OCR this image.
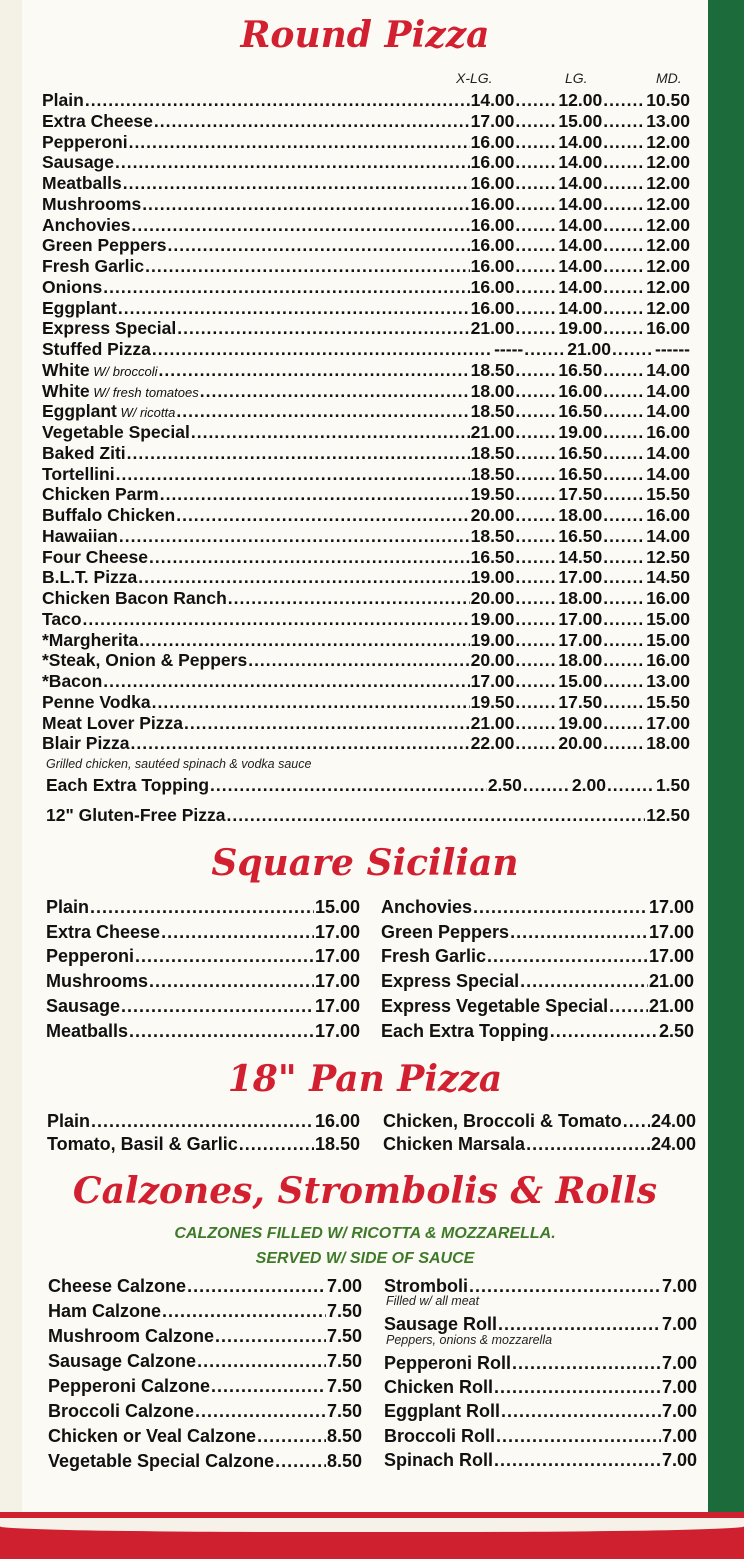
Round Pizza
X-LG.	LG.	MD.
Plain .....	14.00 .....	12.00 .....	10.50
Extra Cheese .....	17.00 .....	15.00 .....	13.00
Pepperoni .....	16.00 .....	14.00 .....	12.00
Sausage .....	16.00 .....	14.00 .....	12.00
Meatballs .....	16.00 .....	14.00 .....	12.00
Mushrooms .....	16.00 .....	14.00 .....	12.00
Anchovies .....	16.00 .....	14.00 .....	12.00
Green Peppers .....	16.00 .....	14.00 .....	12.00
Fresh Garlic .....	16.00 .....	14.00 .....	12.00
Onions .....	16.00 .....	14.00 .....	12.00
Eggplant .....	16.00 .....	14.00 .....	12.00
Express Special .....	21.00 .....	19.00 .....	16.00
Stuffed Pizza .....	----- .....	21.00 .....	------
White W/ broccoli .....	18.50 .....	16.50 .....	14.00
White W/ fresh tomatoes .....	18.00 .....	16.00 .....	14.00
Eggplant W/ ricotta .....	18.50 .....	16.50 .....	14.00
Vegetable Special .....	21.00 .....	19.00 .....	16.00
Baked Ziti .....	18.50 .....	16.50 .....	14.00
Tortellini .....	18.50 .....	16.50 .....	14.00
Chicken Parm .....	19.50 .....	17.50 .....	15.50
Buffalo Chicken .....	20.00 .....	18.00 .....	16.00
Hawaiian .....	18.50 .....	16.50 .....	14.00
Four Cheese .....	16.50 .....	14.50 .....	12.50
B.L.T. Pizza .....	19.00 .....	17.00 .....	14.50
Chicken Bacon Ranch .....	20.00 .....	18.00 .....	16.00
Taco .....	19.00 .....	17.00 .....	15.00
*Margherita .....	19.00 .....	17.00 .....	15.00
*Steak, Onion & Peppers .....	20.00 .....	18.00 .....	16.00
*Bacon .....	17.00 .....	15.00 .....	13.00
Penne Vodka .....	19.50 .....	17.50 .....	15.50
Meat Lover Pizza .....	21.00 .....	19.00 .....	17.00
Blair Pizza .....	22.00 .....	20.00 .....	18.00
Grilled chicken, sautéed spinach & vodka sauce
Each Extra Topping .....	2.50 .....	2.00 .....	1.50
12" Gluten-Free Pizza .....	12.50
Square Sicilian
Plain .....	15.00
Extra Cheese .....	17.00
Pepperoni .....	17.00
Mushrooms .....	17.00
Sausage .....	17.00
Meatballs .....	17.00
Anchovies .....	17.00
Green Peppers .....	17.00
Fresh Garlic .....	17.00
Express Special .....	21.00
Express Vegetable Special ..... 21.00
Each Extra Topping .....	2.50
18" Pan Pizza
Plain .....	16.00
Tomato, Basil & Garlic .....	18.50
Chicken, Broccoli & Tomato ..... 24.00
Chicken Marsala .....	24.00
Calzones, Strombolis & Rolls
CALZONES FILLED W/ RICOTTA & MOZZARELLA.
SERVED W/ SIDE OF SAUCE
Cheese Calzone .....	7.00
Ham Calzone .....	7.50
Mushroom Calzone .....	7.50
Sausage Calzone .....	7.50
Pepperoni Calzone .....	7.50
Broccoli Calzone .....	7.50
Chicken or Veal Calzone .....	8.50
Vegetable Special Calzone .....	8.50
Stromboli .....	7.00
Filled w/ all meat
Sausage Roll .....	7.00
Peppers, onions & mozzarella
Pepperoni Roll .....	7.00
Chicken Roll .....	7.00
Eggplant Roll .....	7.00
Broccoli Roll .....	7.00
Spinach Roll .....	7.00
